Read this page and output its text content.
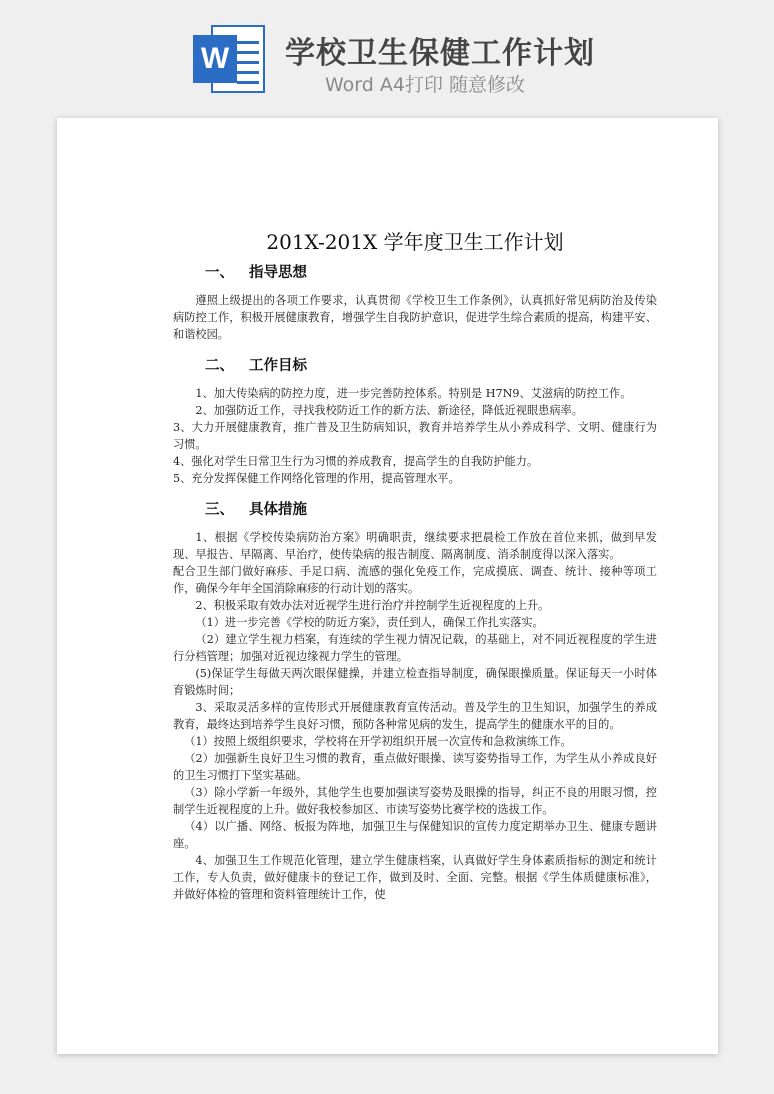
W 学校卫生保健工作计划
Word A4打印 随意修改
201X-201X 学年度卫生工作计划
一、 指导思想

遵照上级提出的各项工作要求，认真贯彻《学校卫生工作条例》，认真抓好常见病防治及传染病防控工作，积极开展健康教育，增强学生自我防护意识，促进学生综合素质的提高，构建平安、和谐校园。

二、 工作目标

1、加大传染病的防控力度，进一步完善防控体系。特别是 H7N9、艾滋病的防控工作。

2、加强防近工作，寻找我校防近工作的新方法、新途径，降低近视眼患病率。

3、大力开展健康教育，推广普及卫生防病知识，教育并培养学生从小养成科学、文明、健康行为习惯。

4、强化对学生日常卫生行为习惯的养成教育，提高学生的自我防护能力。

5、充分发挥保健工作网络化管理的作用，提高管理水平。

三、 具体措施

1、根据《学校传染病防治方案》明确职责，继续要求把晨检工作放在首位来抓，做到早发现、早报告、早隔离、早治疗，使传染病的报告制度、隔离制度、消杀制度得以深入落实。

配合卫生部门做好麻疹、手足口病、流感的强化免疫工作，完成摸底、调查、统计、接种等项工作，确保今年年全国消除麻疹的行动计划的落实。

2、积极采取有效办法对近视学生进行治疗并控制学生近视程度的上升。

（1）进一步完善《学校的防近方案》，责任到人，确保工作扎实落实。

（2）建立学生视力档案，有连续的学生视力情况记载，的基础上，对不同近视程度的学生进行分档管理；加强对近视边缘视力学生的管理。

(5)保证学生每做天两次眼保健操，并建立检查指导制度，确保眼操质量。保证每天一小时体育锻炼时间；

3、采取灵活多样的宣传形式开展健康教育宣传活动。普及学生的卫生知识，加强学生的养成教育，最终达到培养学生良好习惯，预防各种常见病的发生，提高学生的健康水平的目的。

（1）按照上级组织要求，学校将在开学初组织开展一次宣传和急救演练工作。

（2）加强新生良好卫生习惯的教育，重点做好眼操、读写姿势指导工作，为学生从小养成良好的卫生习惯打下坚实基础。

（3）除小学新一年级外，其他学生也要加强读写姿势及眼操的指导，纠正不良的用眼习惯，控制学生近视程度的上升。做好我校参加区、市读写姿势比赛学校的选拔工作。

（4）以广播、网络、板报为阵地，加强卫生与保健知识的宣传力度定期举办卫生、健康专题讲座。

4、加强卫生工作规范化管理，建立学生健康档案，认真做好学生身体素质指标的测定和统计工作，专人负责，做好健康卡的登记工作，做到及时、全面、完整。根据《学生体质健康标准》，并做好体检的管理和资料管理统计工作，使
